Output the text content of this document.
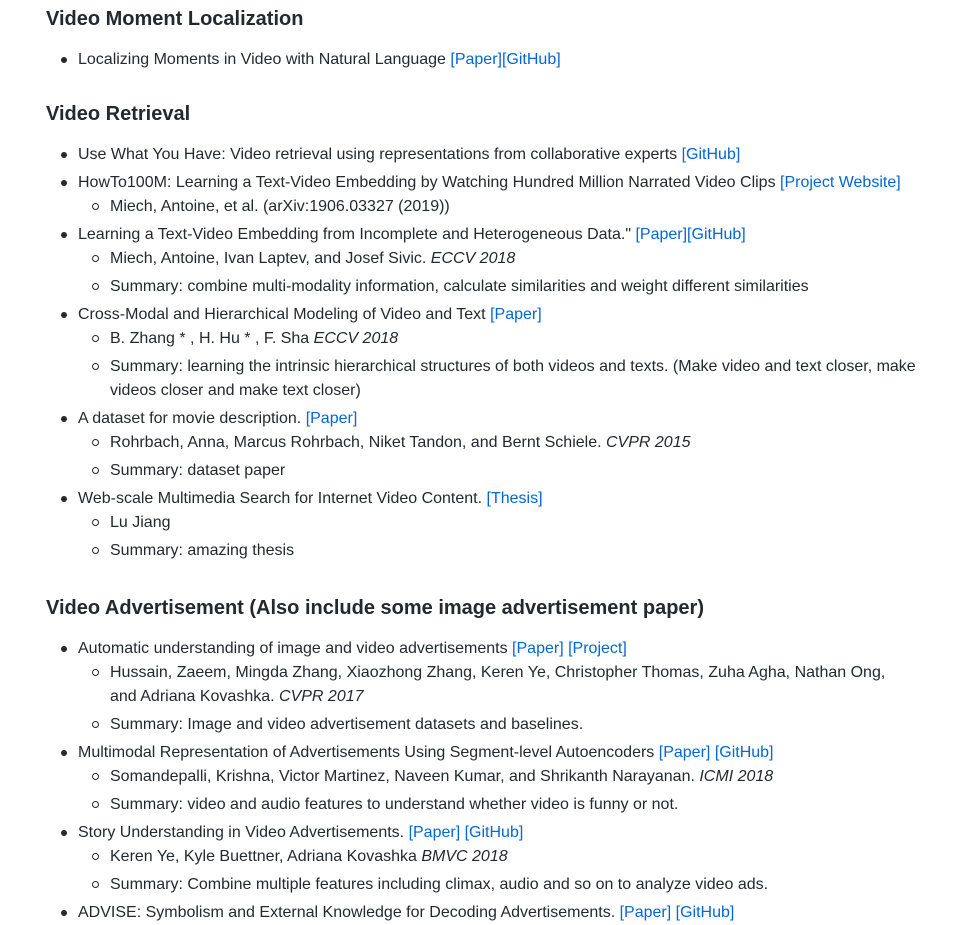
Video Moment Localization
Localizing Moments in Video with Natural Language [Paper][GitHub]
Video Retrieval
Use What You Have: Video retrieval using representations from collaborative experts [GitHub]
HowTo100M: Learning a Text-Video Embedding by Watching Hundred Million Narrated Video Clips [Project Website]
Miech, Antoine, et al. (arXiv:1906.03327 (2019))
Learning a Text-Video Embedding from Incomplete and Heterogeneous Data." [Paper][GitHub]
Miech, Antoine, Ivan Laptev, and Josef Sivic. ECCV 2018
Summary: combine multi-modality information, calculate similarities and weight different similarities
Cross-Modal and Hierarchical Modeling of Video and Text [Paper]
B. Zhang * , H. Hu * , F. Sha ECCV 2018
Summary: learning the intrinsic hierarchical structures of both videos and texts. (Make video and text closer, make videos closer and make text closer)
A dataset for movie description. [Paper]
Rohrbach, Anna, Marcus Rohrbach, Niket Tandon, and Bernt Schiele. CVPR 2015
Summary: dataset paper
Web-scale Multimedia Search for Internet Video Content. [Thesis]
Lu Jiang
Summary: amazing thesis
Video Advertisement (Also include some image advertisement paper)
Automatic understanding of image and video advertisements [Paper] [Project]
Hussain, Zaeem, Mingda Zhang, Xiaozhong Zhang, Keren Ye, Christopher Thomas, Zuha Agha, Nathan Ong, and Adriana Kovashka. CVPR 2017
Summary: Image and video advertisement datasets and baselines.
Multimodal Representation of Advertisements Using Segment-level Autoencoders [Paper] [GitHub]
Somandepalli, Krishna, Victor Martinez, Naveen Kumar, and Shrikanth Narayanan. ICMI 2018
Summary: video and audio features to understand whether video is funny or not.
Story Understanding in Video Advertisements. [Paper] [GitHub]
Keren Ye, Kyle Buettner, Adriana Kovashka BMVC 2018
Summary: Combine multiple features including climax, audio and so on to analyze video ads.
ADVISE: Symbolism and External Knowledge for Decoding Advertisements. [Paper] [GitHub]
